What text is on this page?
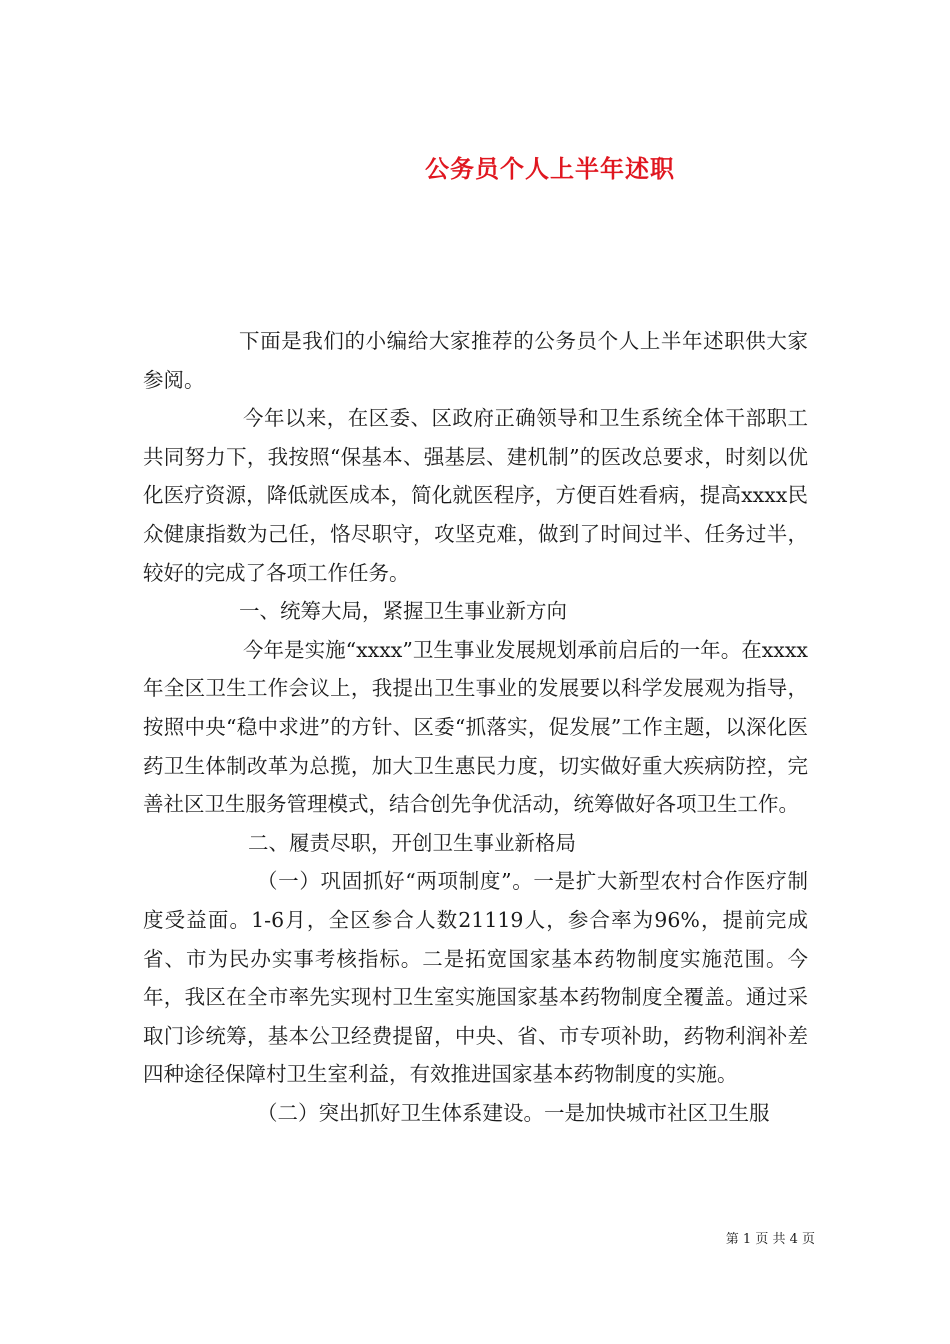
公务员个人上半年述职

下面是我们的小编给大家推荐的公务员个人上半年述职供大家参阅。

今年以来，在区委、区政府正确领导和卫生系统全体干部职工共同努力下，我按照“保基本、强基层、建机制”的医改总要求，时刻以优化医疗资源，降低就医成本，简化就医程序，方便百姓看病，提高xxxx民众健康指数为己任，恪尽职守，攻坚克难，做到了时间过半、任务过半，较好的完成了各项工作任务。

一、统筹大局，紧握卫生事业新方向

今年是实施“xxxx”卫生事业发展规划承前启后的一年。在xxxx年全区卫生工作会议上，我提出卫生事业的发展要以科学发展观为指导，按照中央“稳中求进”的方针、区委“抓落实，促发展”工作主题，以深化医药卫生体制改革为总揽，加大卫生惠民力度，切实做好重大疾病防控，完善社区卫生服务管理模式，结合创先争优活动，统筹做好各项卫生工作。

二、履责尽职，开创卫生事业新格局

（一）巩固抓好“两项制度”。一是扩大新型农村合作医疗制度受益面。1-6月，全区参合人数21119人，参合率为96%，提前完成省、市为民办实事考核指标。二是拓宽国家基本药物制度实施范围。今年，我区在全市率先实现村卫生室实施国家基本药物制度全覆盖。通过采取门诊统筹，基本公卫经费提留，中央、省、市专项补助，药物利润补差四种途径保障村卫生室利益，有效推进国家基本药物制度的实施。

（二）突出抓好卫生体系建设。一是加快城市社区卫生服

第 1 页 共 4 页
